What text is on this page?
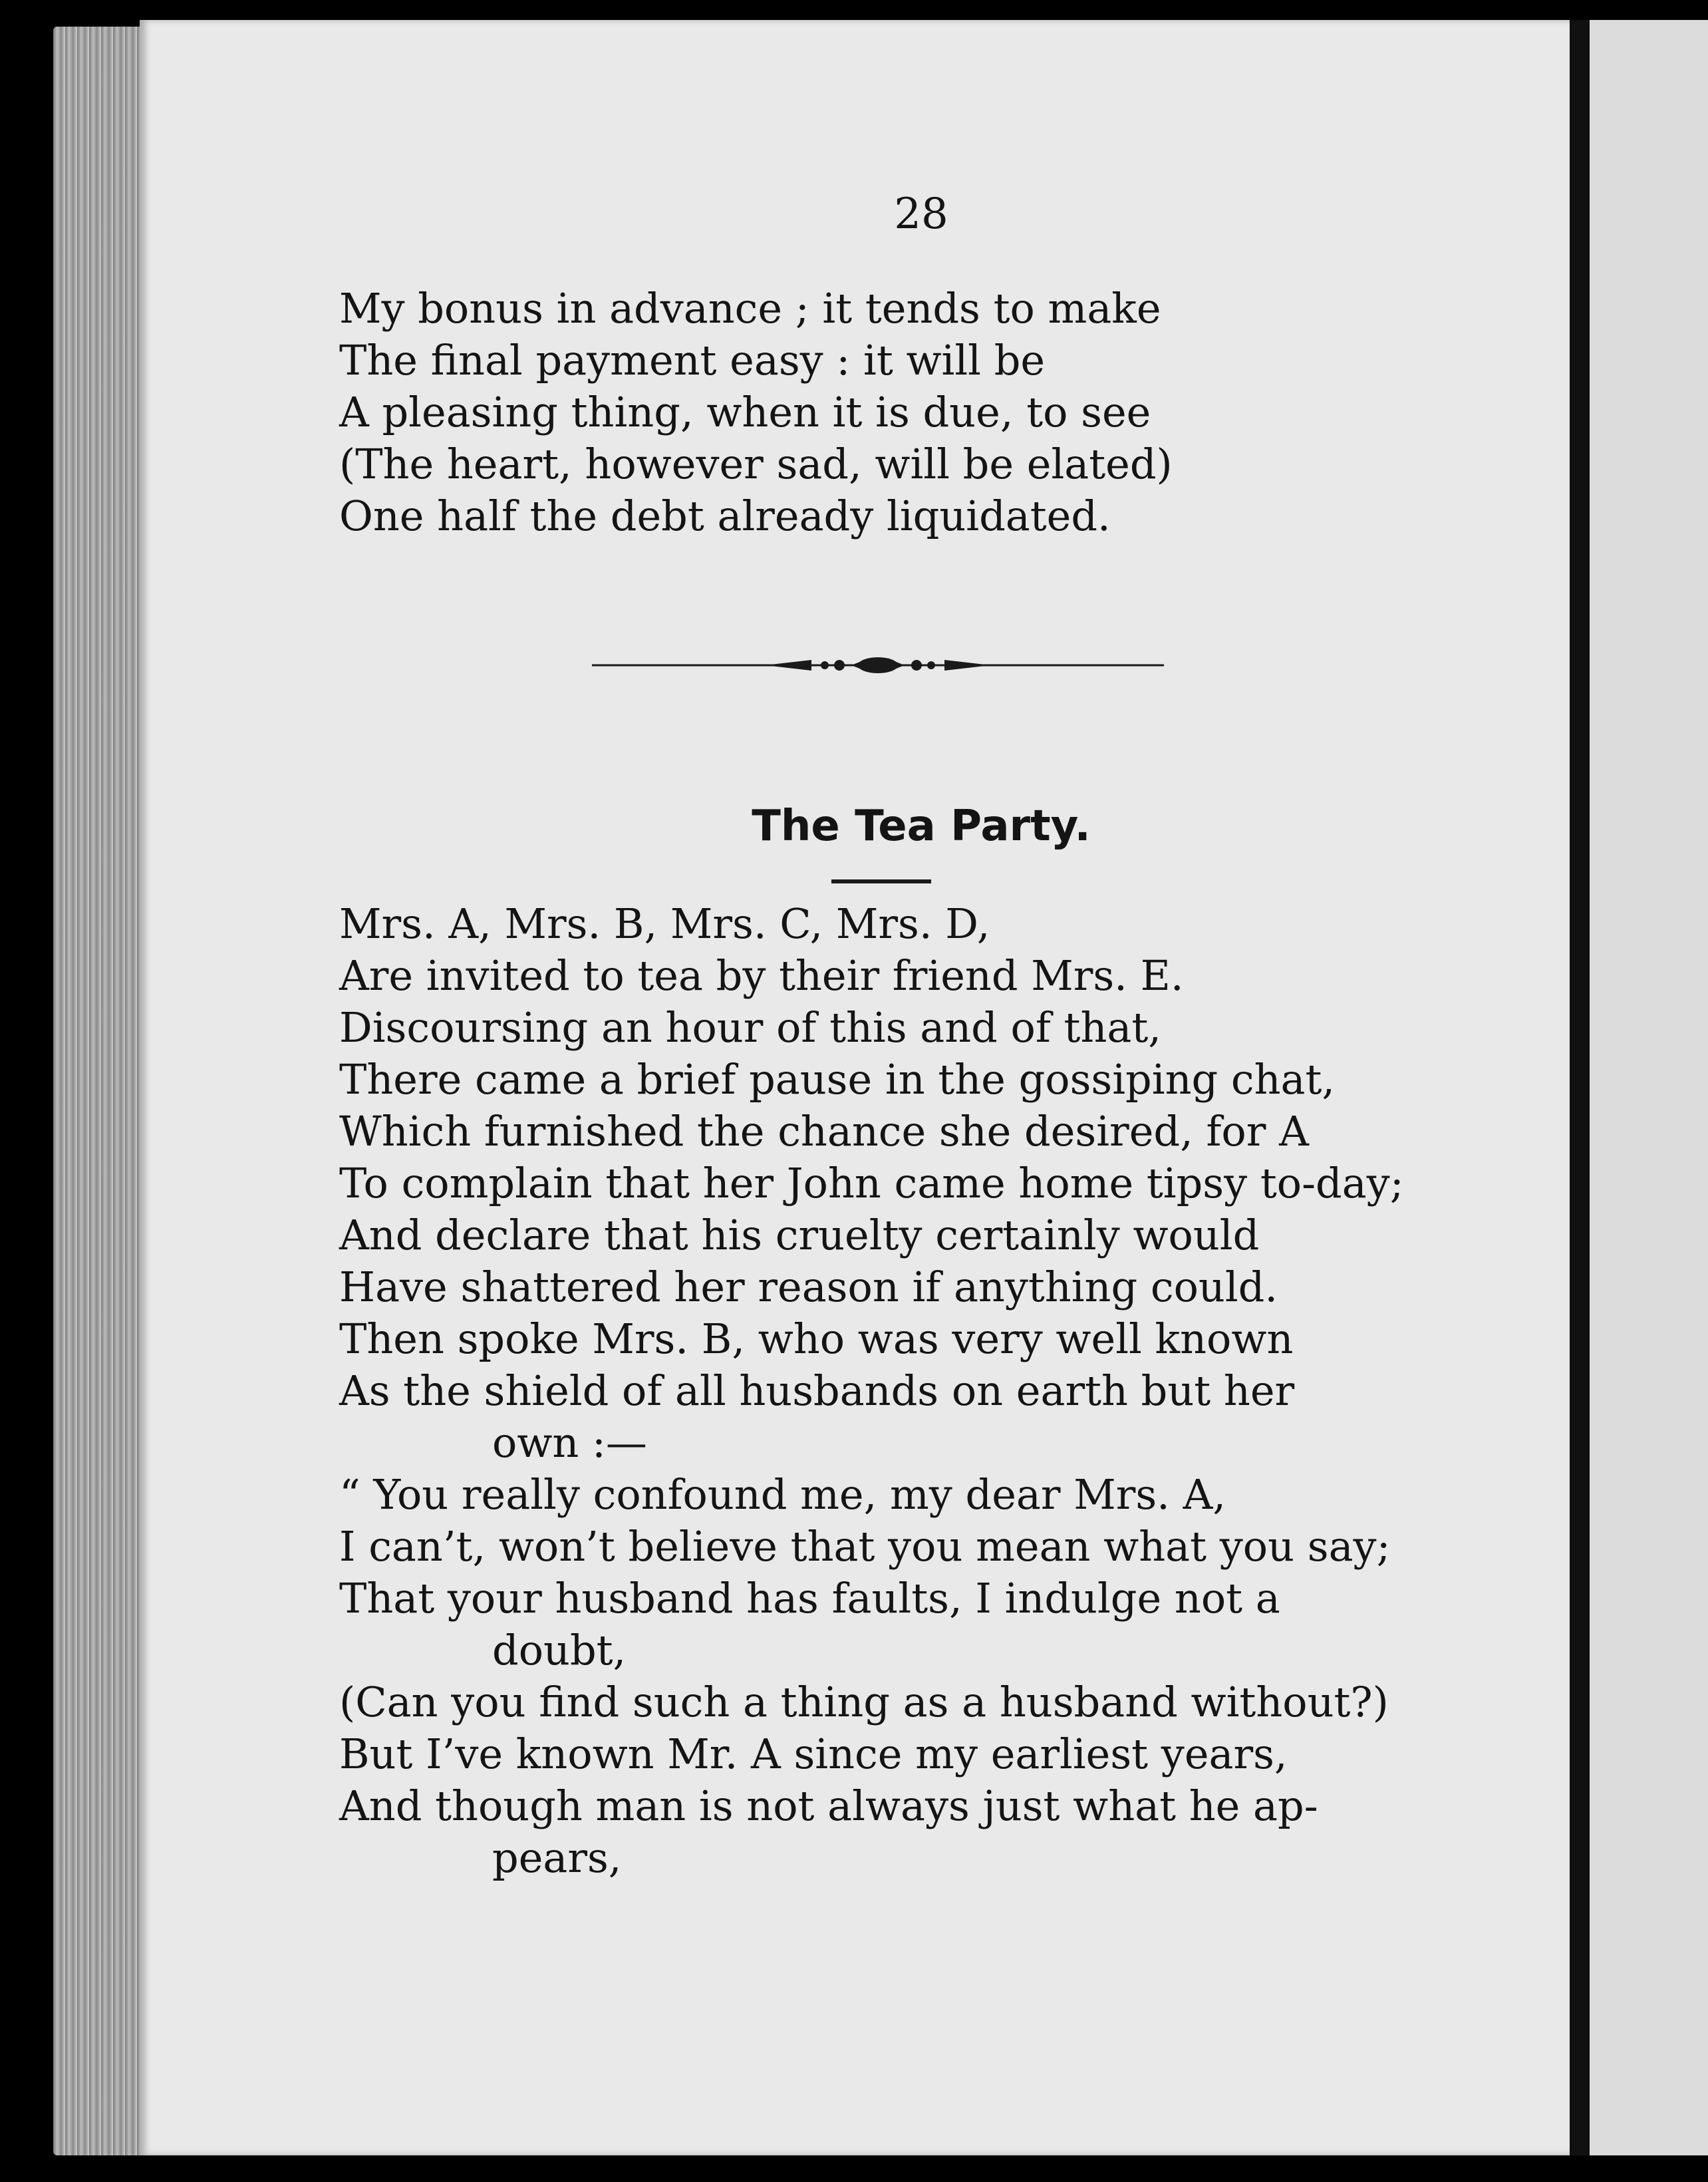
28
My bonus in advance ; it tends to make
The final payment easy : it will be
A pleasing thing, when it is due, to see
(The heart, however sad, will be elated)
One half the debt already liquidated.
The Tea Party.
Mrs. A, Mrs. B, Mrs. C, Mrs. D,
Are invited to tea by their friend Mrs. E.
Discoursing an hour of this and of that,
There came a brief pause in the gossiping chat,
Which furnished the chance she desired, for A
To complain that her John came home tipsy to-day;
And declare that his cruelty certainly would
Have shattered her reason if anything could.
Then spoke Mrs. B, who was very well known
As the shield of all husbands on earth but her
own :—
“ You really confound me, my dear Mrs. A,
I can’t, won’t believe that you mean what you say;
That your husband has faults, I indulge not a
doubt,
(Can you find such a thing as a husband without?)
But I’ve known Mr. A since my earliest years,
And though man is not always just what he ap-
pears,
